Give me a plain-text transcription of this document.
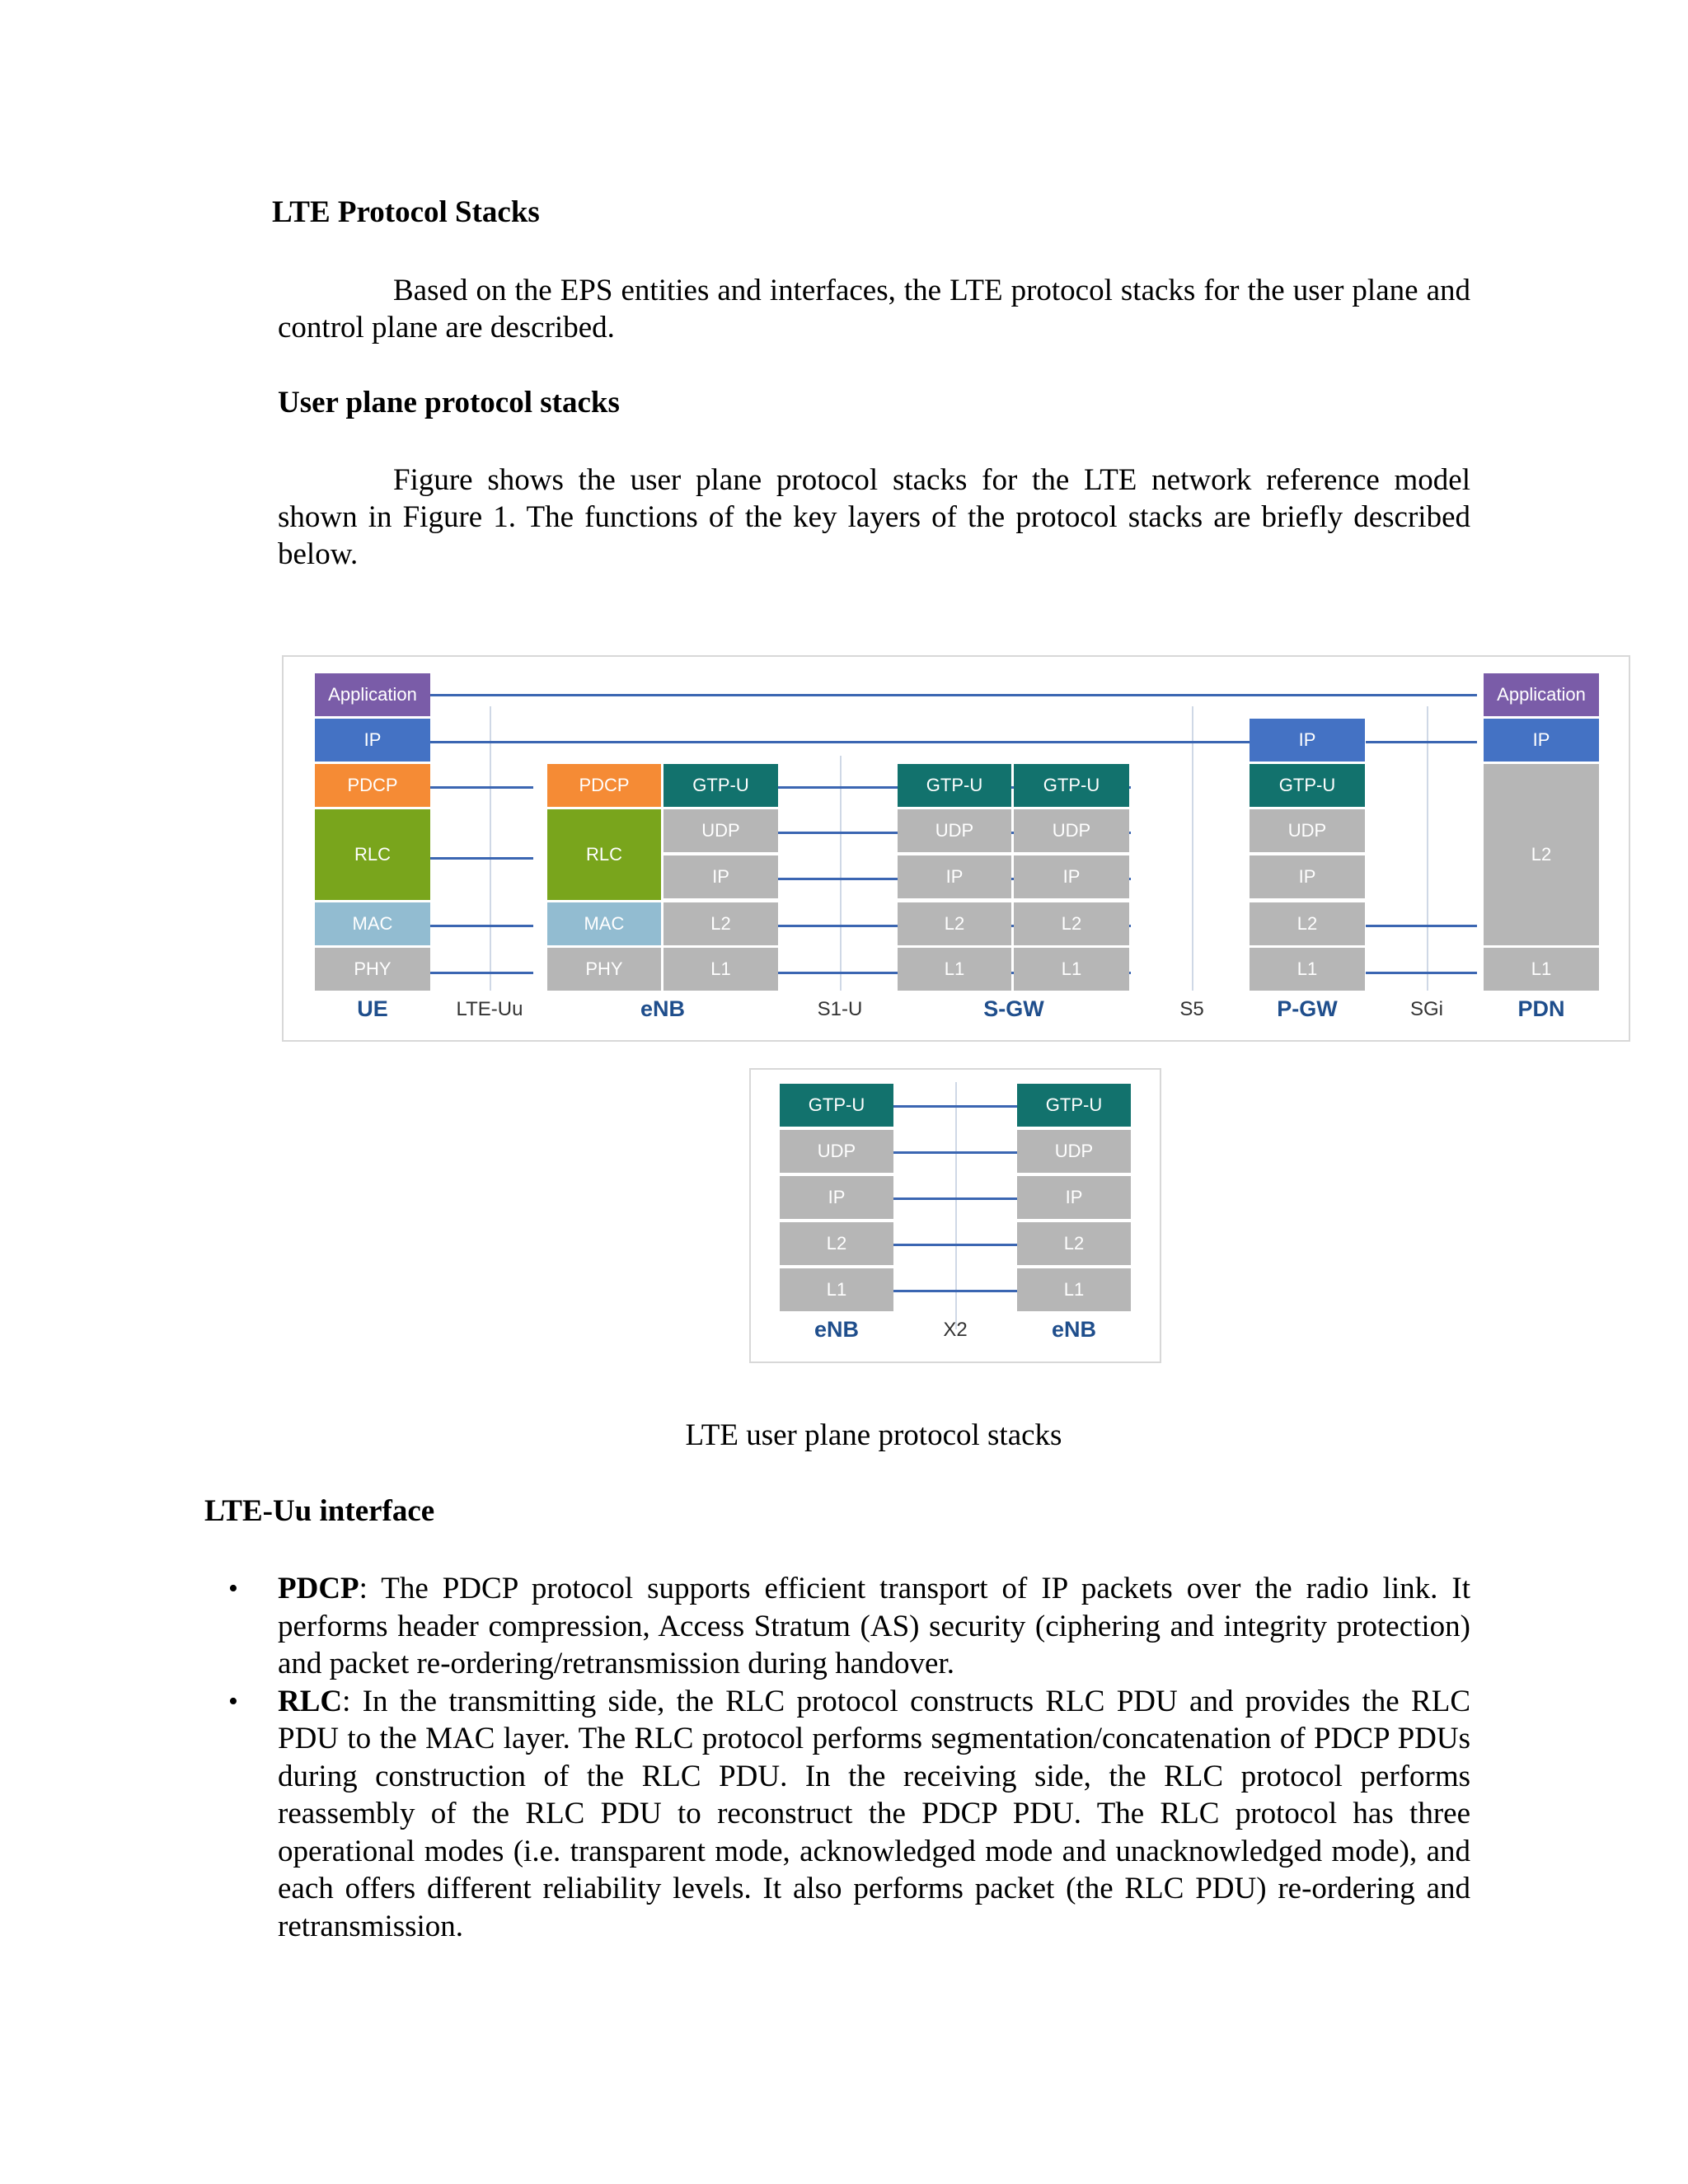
LTE Protocol Stacks

Based on the EPS entities and interfaces, the LTE protocol stacks for the user plane and control plane are described.

User plane protocol stacks

Figure shows the user plane protocol stacks for the LTE network reference model shown in Figure 1. The functions of the key layers of the protocol stacks are briefly described below.

Application
IP
PDCP
RLC
MAC
PHY
UE	LTE-Uu
PDCP
RLC
MAC
PHY
GTP-U
UDP
IP
L2
L1
eNB	S1-U
GTP-U
UDP
IP
L2
L1
GTP-U
UDP
IP
L2
L1
S-GW	S5
IP
GTP-U
UDP
IP
L2
L1
P-GW	SGi
Application
IP
L2
L1
PDN
GTP-U
UDP
IP
L2
L1
eNB	X2
GTP-U
UDP
IP
L2
L1
eNB
LTE user plane protocol stacks
LTE-Uu interface
• PDCP: The PDCP protocol supports efficient transport of IP packets over the radio link. It performs header compression, Access Stratum (AS) security (ciphering and integrity protection) and packet re-ordering/retransmission during handover.
• RLC: In the transmitting side, the RLC protocol constructs RLC PDU and provides the RLC PDU to the MAC layer. The RLC protocol performs segmentation/concatenation of PDCP PDUs during construction of the RLC PDU. In the receiving side, the RLC protocol performs reassembly of the RLC PDU to reconstruct the PDCP PDU. The RLC protocol has three operational modes (i.e. transparent mode, acknowledged mode and unacknowledged mode), and each offers different reliability levels. It also performs packet (the RLC PDU) re-ordering and retransmission.
